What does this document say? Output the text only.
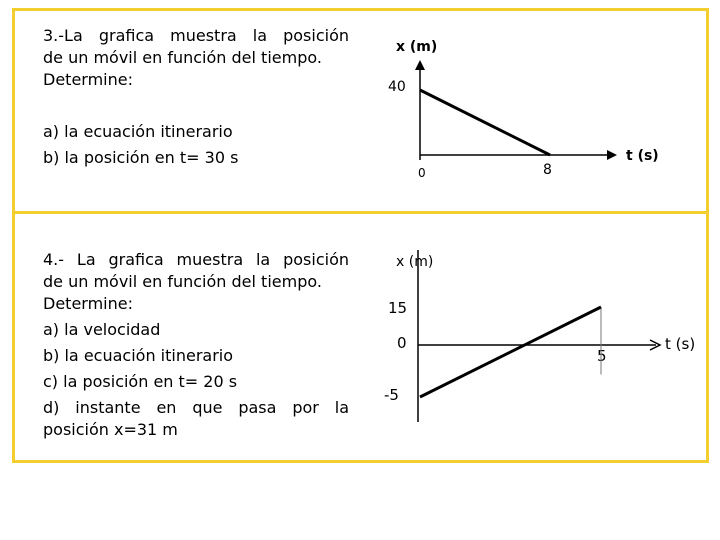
3.-La grafica muestra la posición
de un móvil en función del tiempo.
Determine:
a) la ecuación itinerario
b) la posición en t= 30 s
x (m)
t (s)
40
0	8
4.- La grafica muestra la posición
de un móvil en función del tiempo.
Determine:
a) la velocidad
b) la ecuación itinerario
c) la posición en t= 20 s
d) instante en que pasa por la
posición x=31 m
x (m)
t (s)
15
0
-5
5
